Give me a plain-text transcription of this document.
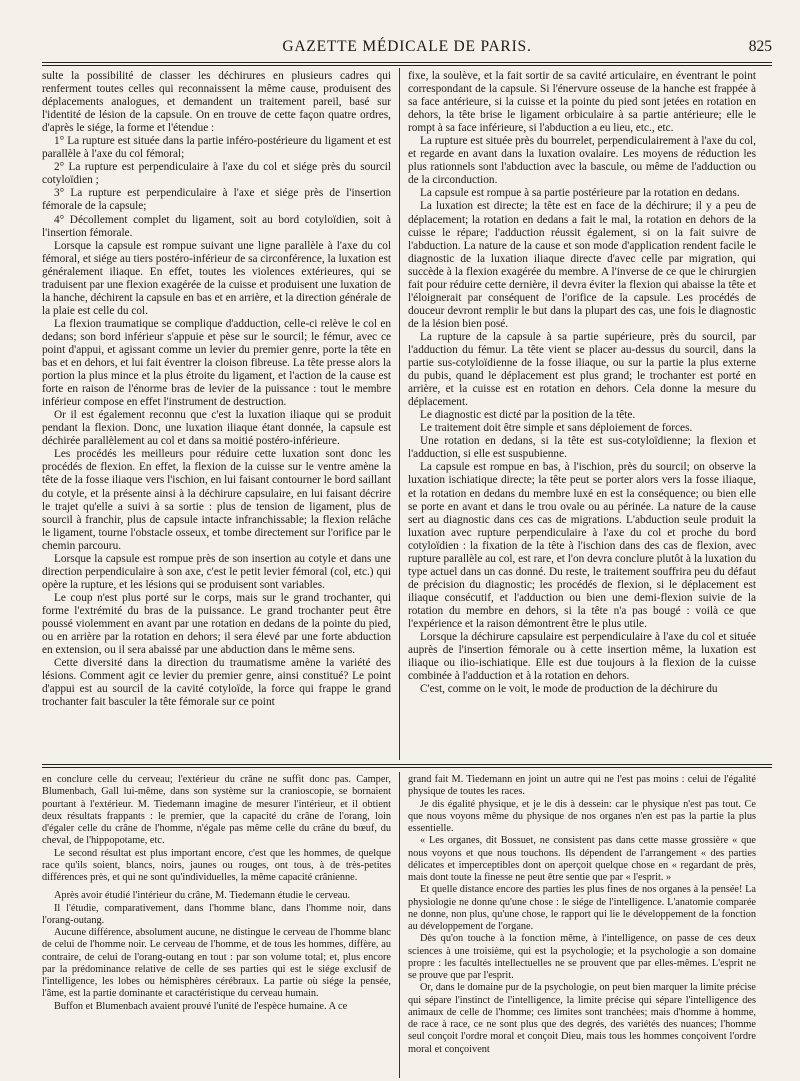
GAZETTE MÉDICALE DE PARIS.	825

sulte la possibilité de classer les déchirures en plusieurs cadres qui renferment toutes celles qui reconnaissent la même cause, produisent des déplacements analogues, et demandent un traitement pareil, basé sur l'identité de lésion de la capsule. On en trouve de cette façon quatre ordres, d'après le siége, la forme et l'étendue :

1° La rupture est située dans la partie inféro-postérieure du ligament et est parallèle à l'axe du col fémoral;

2° La rupture est perpendiculaire à l'axe du col et siége près du sourcil cotyloïdien ;

3° La rupture est perpendiculaire à l'axe et siége près de l'insertion fémorale de la capsule;

4° Décollement complet du ligament, soit au bord cotyloïdien, soit à l'insertion fémorale.

Lorsque la capsule est rompue suivant une ligne parallèle à l'axe du col fémoral, et siége au tiers postéro-inférieur de sa circonférence, la luxation est généralement iliaque. En effet, toutes les violences extérieures, qui se traduisent par une flexion exagérée de la cuisse et produisent une luxation de la hanche, déchirent la capsule en bas et en arrière, et la direction générale de la plaie est celle du col.

La flexion traumatique se complique d'adduction, celle-ci relève le col en dedans; son bord inférieur s'appuie et pèse sur le sourcil; le fémur, avec ce point d'appui, et agissant comme un levier du premier genre, porte la tête en bas et en dehors, et lui fait éventrer la cloison fibreuse. La tête presse alors la portion la plus mince et la plus étroite du ligament, et l'action de la cause est forte en raison de l'énorme bras de levier de la puissance : tout le membre inférieur compose en effet l'instrument de destruction.

Or il est également reconnu que c'est la luxation iliaque qui se produit pendant la flexion. Donc, une luxation iliaque étant donnée, la capsule est déchirée parallèlement au col et dans sa moitié postéro-inférieure.

Les procédés les meilleurs pour réduire cette luxation sont donc les procédés de flexion. En effet, la flexion de la cuisse sur le ventre amène la tête de la fosse iliaque vers l'ischion, en lui faisant contourner le bord saillant du cotyle, et la présente ainsi à la déchirure capsulaire, en lui faisant décrire le trajet qu'elle a suivi à sa sortie : plus de tension de ligament, plus de sourcil à franchir, plus de capsule intacte infranchissable; la flexion relâche le ligament, tourne l'obstacle osseux, et tombe directement sur l'orifice par le chemin parcouru.

Lorsque la capsule est rompue près de son insertion au cotyle et dans une direction perpendiculaire à son axe, c'est le petit levier fémoral (col, etc.) qui opère la rupture, et les lésions qui se produisent sont variables.

Le coup n'est plus porté sur le corps, mais sur le grand trochanter, qui forme l'extrémité du bras de la puissance. Le grand trochanter peut être poussé violemment en avant par une rotation en dedans de la pointe du pied, ou en arrière par la rotation en dehors; il sera élevé par une forte abduction en extension, ou il sera abaissé par une abduction dans le même sens.

Cette diversité dans la direction du traumatisme amène la variété des lésions. Comment agit ce levier du premier genre, ainsi constitué? Le point d'appui est au sourcil de la cavité cotyloïde, la force qui frappe le grand trochanter fait basculer la tête fémorale sur ce point

fixe, la soulève, et la fait sortir de sa cavité articulaire, en éventrant le point correspondant de la capsule. Si l'énervure osseuse de la hanche est frappée à sa face antérieure, si la cuisse et la pointe du pied sont jetées en rotation en dehors, la tête brise le ligament orbiculaire à sa partie antérieure; elle le rompt à sa face inférieure, si l'abduction a eu lieu, etc., etc.

La rupture est située près du bourrelet, perpendiculairement à l'axe du col, et regarde en avant dans la luxation ovalaire. Les moyens de réduction les plus rationnels sont l'abduction avec la bascule, ou même de l'adduction ou de la circonduction.

La capsule est rompue à sa partie postérieure par la rotation en dedans.

La luxation est directe; la tête est en face de la déchirure; il y a peu de déplacement; la rotation en dedans a fait le mal, la rotation en dehors de la cuisse le répare; l'adduction réussit également, si on la fait suivre de l'abduction. La nature de la cause et son mode d'application rendent facile le diagnostic de la luxation iliaque directe d'avec celle par migration, qui succède à la flexion exagérée du membre. A l'inverse de ce que le chirurgien fait pour réduire cette dernière, il devra éviter la flexion qui abaisse la tête et l'éloignerait par conséquent de l'orifice de la capsule. Les procédés de douceur devront remplir le but dans la plupart des cas, une fois le diagnostic de la lésion bien posé.

La rupture de la capsule à sa partie supérieure, près du sourcil, par l'adduction du fémur. La tête vient se placer au-dessus du sourcil, dans la partie sus-cotyloïdienne de la fosse iliaque, ou sur la partie la plus externe du pubis, quand le déplacement est plus grand; le trochanter est porté en arrière, et la cuisse est en rotation en dehors. Cela donne la mesure du déplacement.

Le diagnostic est dicté par la position de la tête.

Le traitement doit être simple et sans déploiement de forces.

Une rotation en dedans, si la tête est sus-cotyloïdienne; la flexion et l'adduction, si elle est suspubienne.

La capsule est rompue en bas, à l'ischion, près du sourcil; on observe la luxation ischiatique directe; la tête peut se porter alors vers la fosse iliaque, et la rotation en dedans du membre luxé en est la conséquence; ou bien elle se porte en avant et dans le trou ovale ou au périnée. La nature de la cause sert au diagnostic dans ces cas de migrations. L'abduction seule produit la luxation avec rupture perpendiculaire à l'axe du col et proche du bord cotyloïdien : la fixation de la tête à l'ischion dans des cas de flexion, avec rupture parallèle au col, est rare, et l'on devra conclure plutôt à la luxation du type actuel dans un cas donné. Du reste, le traitement souffrira peu du défaut de précision du diagnostic; les procédés de flexion, si le déplacement est iliaque consécutif, et l'adduction ou bien une demi-flexion suivie de la rotation du membre en dehors, si la tête n'a pas bougé : voilà ce que l'expérience et la raison démontrent être le plus utile.

Lorsque la déchirure capsulaire est perpendiculaire à l'axe du col et située auprès de l'insertion fémorale ou à cette insertion même, la luxation est iliaque ou ilio-ischiatique. Elle est due toujours à la flexion de la cuisse combinée à l'adduction et à la rotation en dehors.

C'est, comme on le voit, le mode de production de la déchirure du

en conclure celle du cerveau; l'extérieur du crâne ne suffit donc pas. Camper, Blumenbach, Gall lui-même, dans son système sur la cranioscopie, se bornaient pourtant à l'extérieur. M. Tiedemann imagine de mesurer l'intérieur, et il obtient deux résultats frappants : le premier, que la capacité du crâne de l'orang, loin d'égaler celle du crâne de l'homme, n'égale pas même celle du crâne du bœuf, du cheval, de l'hippopotame, etc.

Le second résultat est plus important encore, c'est que les hommes, de quelque race qu'ils soient, blancs, noirs, jaunes ou rouges, ont tous, à de très-petites différences près, et qui ne sont qu'individuelles, la même capacité crânienne.

Après avoir étudié l'intérieur du crâne, M. Tiedemann étudie le cerveau.

Il l'étudie, comparativement, dans l'homme blanc, dans l'homme noir, dans l'orang-outang.

Aucune différence, absolument aucune, ne distingue le cerveau de l'homme blanc de celui de l'homme noir. Le cerveau de l'homme, et de tous les hommes, diffère, au contraire, de celui de l'orang-outang en tout : par son volume total; et, plus encore par la prédominance relative de celle de ses parties qui est le siége exclusif de l'intelligence, les lobes ou hémisphères cérébraux. La partie où siége la pensée, l'âme, est la partie dominante et caractéristique du cerveau humain.

Buffon et Blumenbach avaient prouvé l'unité de l'espèce humaine. A ce

grand fait M. Tiedemann en joint un autre qui ne l'est pas moins : celui de l'égalité physique de toutes les races.

Je dis égalité physique, et je le dis à dessein: car le physique n'est pas tout. Ce que nous voyons même du physique de nos organes n'en est pas la partie la plus essentielle.

« Les organes, dit Bossuet, ne consistent pas dans cette masse grossière « que nous voyons et que nous touchons. Ils dépendent de l'arrangement « des parties délicates et imperceptibles dont on aperçoit quelque chose en « regardant de près, mais dont toute la finesse ne peut être sentie que par « l'esprit. »

Et quelle distance encore des parties les plus fines de nos organes à la pensée! La physiologie ne donne qu'une chose : le siége de l'intelligence. L'anatomie comparée ne donne, non plus, qu'une chose, le rapport qui lie le développement de la fonction au développement de l'organe.

Dès qu'on touche à la fonction même, à l'intelligence, on passe de ces deux sciences à une troisième, qui est la psychologie; et la psychologie a son domaine propre : les facultés intellectuelles ne se prouvent que par elles-mêmes. L'esprit ne se prouve que par l'esprit.

Or, dans le domaine pur de la psychologie, on peut bien marquer la limite précise qui sépare l'instinct de l'intelligence, la limite précise qui sépare l'intelligence des animaux de celle de l'homme; ces limites sont tranchées; mais d'homme à homme, de race à race, ce ne sont plus que des degrés, des variétés des nuances; l'homme seul conçoit l'ordre moral et conçoit Dieu, mais tous les hommes conçoivent l'ordre moral et conçoivent
